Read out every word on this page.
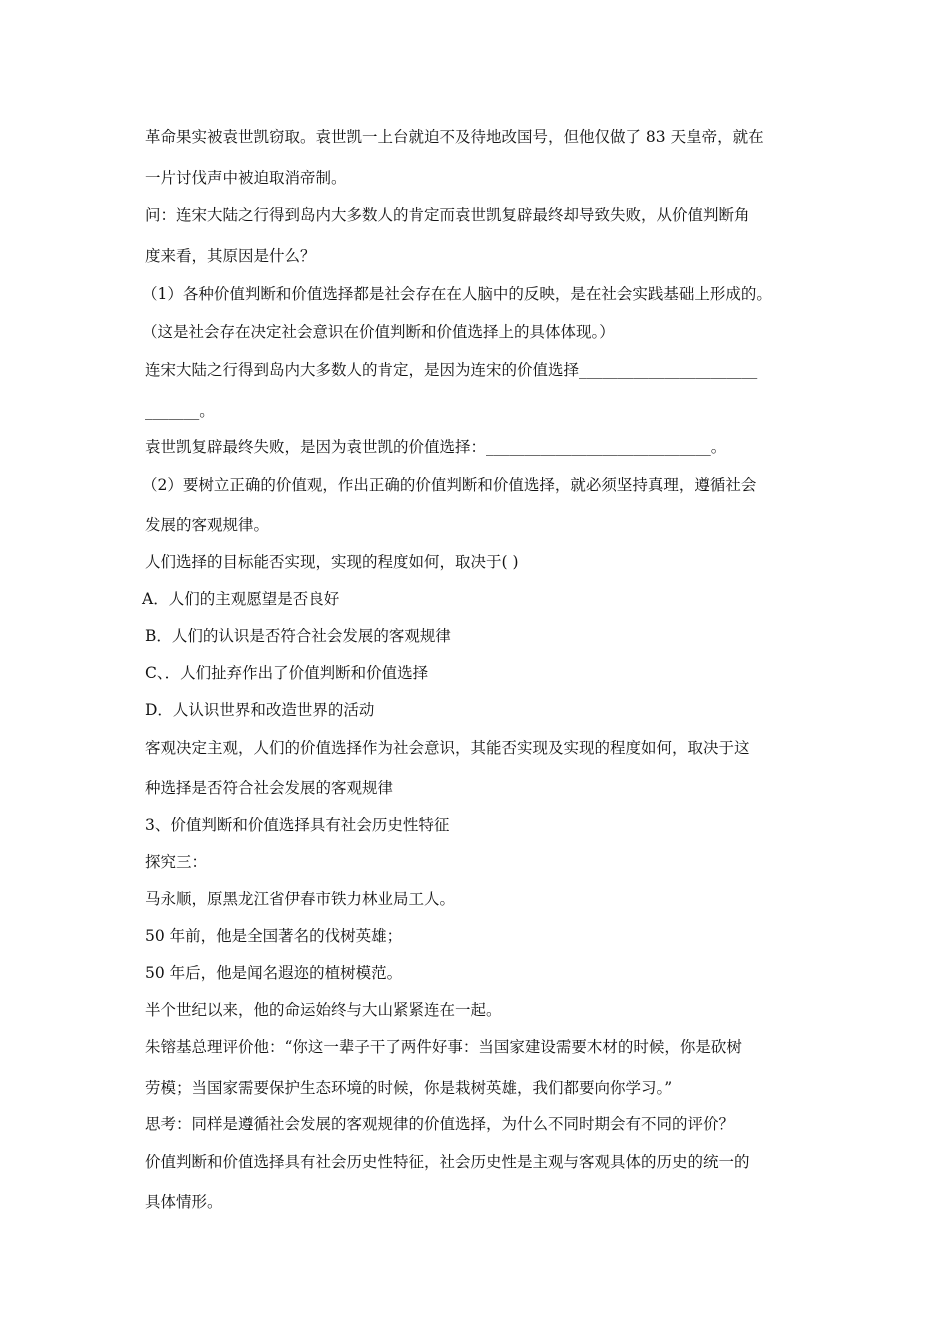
革命果实被袁世凯窃取。袁世凯一上台就迫不及待地改国号，但他仅做了 83 天皇帝，就在

一片讨伐声中被迫取消帝制。

问：连宋大陆之行得到岛内大多数人的肯定而袁世凯复辟最终却导致失败，从价值判断角

度来看，其原因是什么？

（1）各种价值判断和价值选择都是社会存在在人脑中的反映，是在社会实践基础上形成的。

（这是社会存在决定社会意识在价值判断和价值选择上的具体体现。）

连宋大陆之行得到岛内大多数人的肯定，是因为连宋的价值选择_______________________

_______。

袁世凯复辟最终失败，是因为袁世凯的价值选择：_____________________________。

（2）要树立正确的价值观，作出正确的价值判断和价值选择，就必须坚持真理，遵循社会

发展的客观规律。

人们选择的目标能否实现，实现的程度如何，取决于( )

A．人们的主观愿望是否良好

B．人们的认识是否符合社会发展的客观规律

C、．人们扯弃作出了价值判断和价值选择

D．人认识世界和改造世界的活动

客观决定主观，人们的价值选择作为社会意识，其能否实现及实现的程度如何，取决于这

种选择是否符合社会发展的客观规律

3、价值判断和价值选择具有社会历史性特征

探究三：

马永顺，原黑龙江省伊春市铁力林业局工人。

50 年前，他是全国著名的伐树英雄；

50 年后，他是闻名遐迩的植树模范。

半个世纪以来，他的命运始终与大山紧紧连在一起。

朱镕基总理评价他：“你这一辈子干了两件好事：当国家建设需要木材的时候，你是砍树

劳模；当国家需要保护生态环境的时候，你是栽树英雄，我们都要向你学习。”

思考：同样是遵循社会发展的客观规律的价值选择，为什么不同时期会有不同的评价？

价值判断和价值选择具有社会历史性特征，社会历史性是主观与客观具体的历史的统一的

具体情形。
